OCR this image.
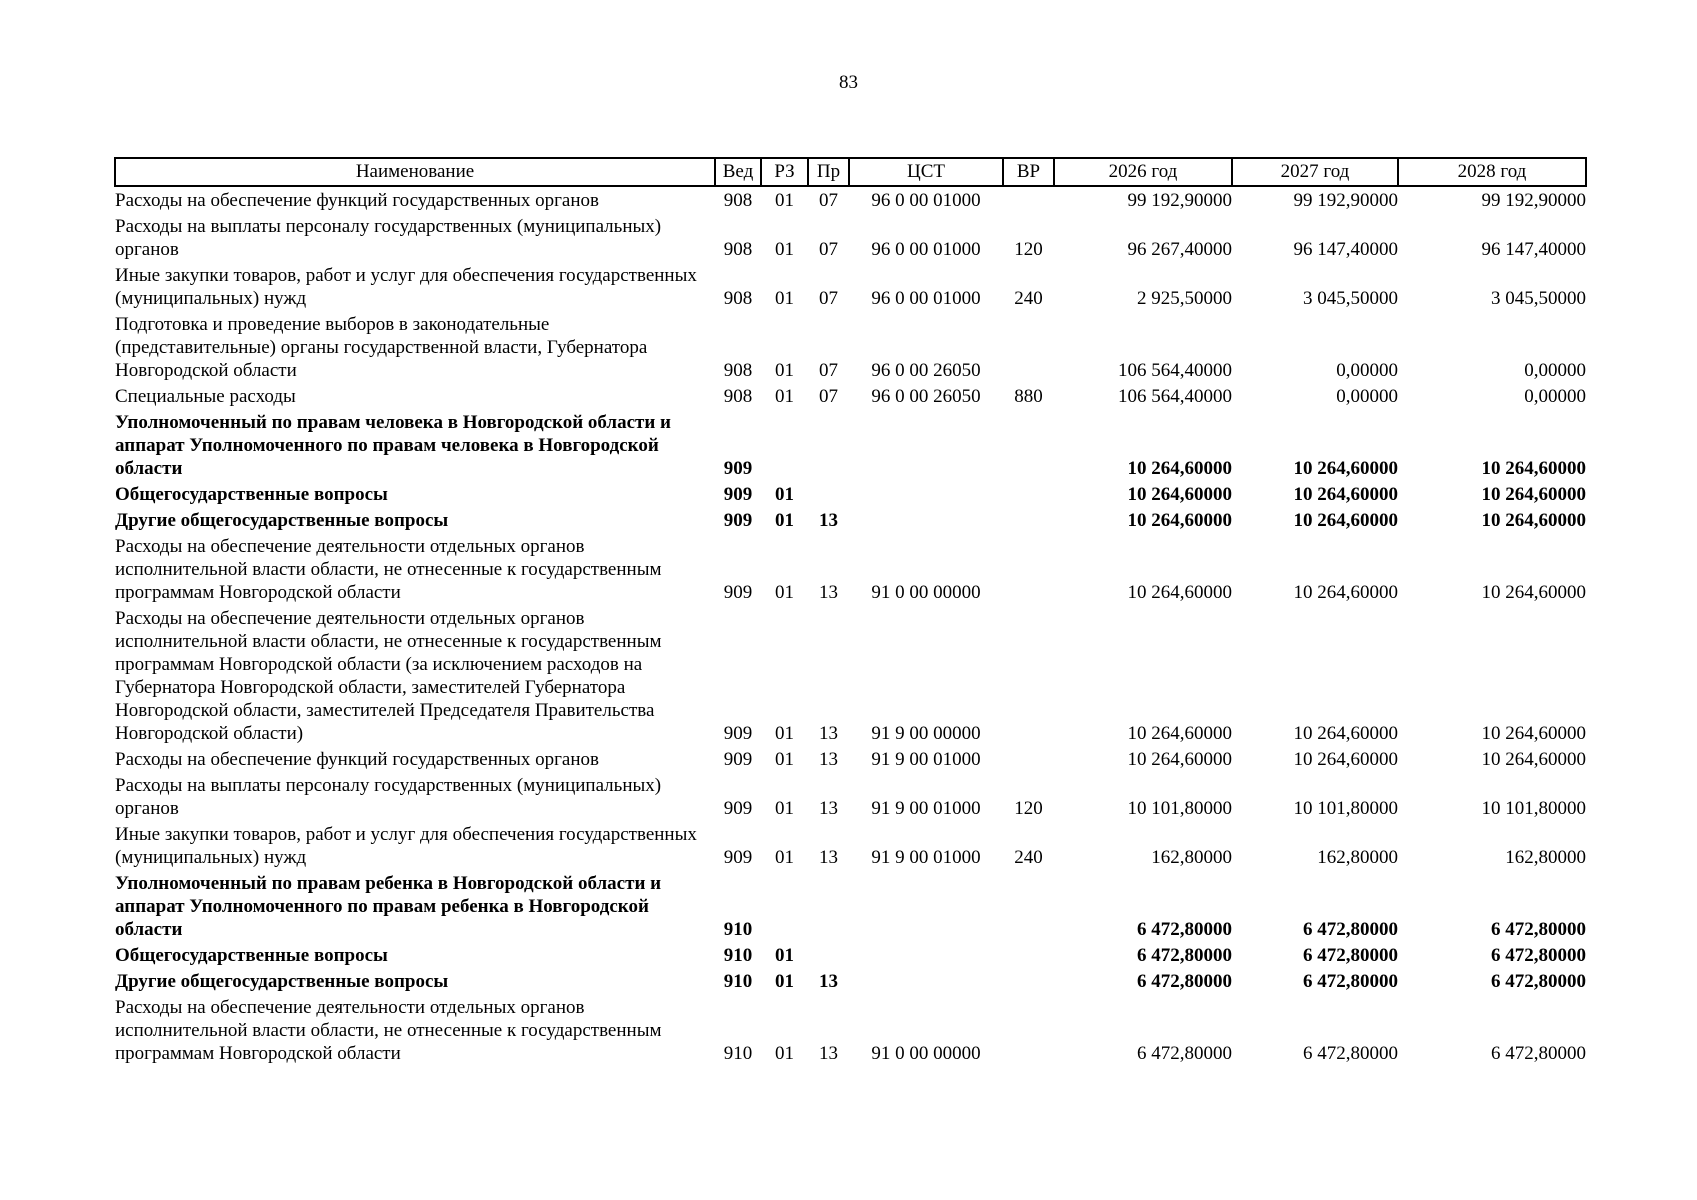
83
Наименование	Вед	РЗ	Пр	ЦСТ	ВР	2026 год	2027 год	2028 год
Расходы на обеспечение функций государственных органов	908	01	07	96 0 00 01000		99 192,90000	99 192,90000	99 192,90000
Расходы на выплаты персоналу государственных (муниципальных) органов	908	01	07	96 0 00 01000	120	96 267,40000	96 147,40000	96 147,40000
Иные закупки товаров, работ и услуг для обеспечения государственных (муниципальных) нужд	908	01	07	96 0 00 01000	240	2 925,50000	3 045,50000	3 045,50000
Подготовка и проведение выборов в законодательные (представительные) органы государственной власти, Губернатора Новгородской области	908	01	07	96 0 00 26050		106 564,40000	0,00000	0,00000
Специальные расходы	908	01	07	96 0 00 26050	880	106 564,40000	0,00000	0,00000
Уполномоченный по правам человека в Новгородской области и аппарат Уполномоченного по правам человека в Новгородской области	909					10 264,60000	10 264,60000	10 264,60000
Общегосударственные вопросы	909	01				10 264,60000	10 264,60000	10 264,60000
Другие общегосударственные вопросы	909	01	13			10 264,60000	10 264,60000	10 264,60000
Расходы на обеспечение деятельности отдельных органов исполнительной власти области, не отнесенные к государственным программам Новгородской области	909	01	13	91 0 00 00000		10 264,60000	10 264,60000	10 264,60000
Расходы на обеспечение деятельности отдельных органов исполнительной власти области, не отнесенные к государственным программам Новгородской области (за исключением расходов на Губернатора Новгородской области, заместителей Губернатора Новгородской области, заместителей Председателя Правительства Новгородской области)	909	01	13	91 9 00 00000		10 264,60000	10 264,60000	10 264,60000
Расходы на обеспечение функций государственных органов	909	01	13	91 9 00 01000		10 264,60000	10 264,60000	10 264,60000
Расходы на выплаты персоналу государственных (муниципальных) органов	909	01	13	91 9 00 01000	120	10 101,80000	10 101,80000	10 101,80000
Иные закупки товаров, работ и услуг для обеспечения государственных (муниципальных) нужд	909	01	13	91 9 00 01000	240	162,80000	162,80000	162,80000
Уполномоченный по правам ребенка в Новгородской области и аппарат Уполномоченного по правам ребенка в Новгородской области	910					6 472,80000	6 472,80000	6 472,80000
Общегосударственные вопросы	910	01				6 472,80000	6 472,80000	6 472,80000
Другие общегосударственные вопросы	910	01	13			6 472,80000	6 472,80000	6 472,80000
Расходы на обеспечение деятельности отдельных органов исполнительной власти области, не отнесенные к государственным программам Новгородской области	910	01	13	91 0 00 00000		6 472,80000	6 472,80000	6 472,80000
